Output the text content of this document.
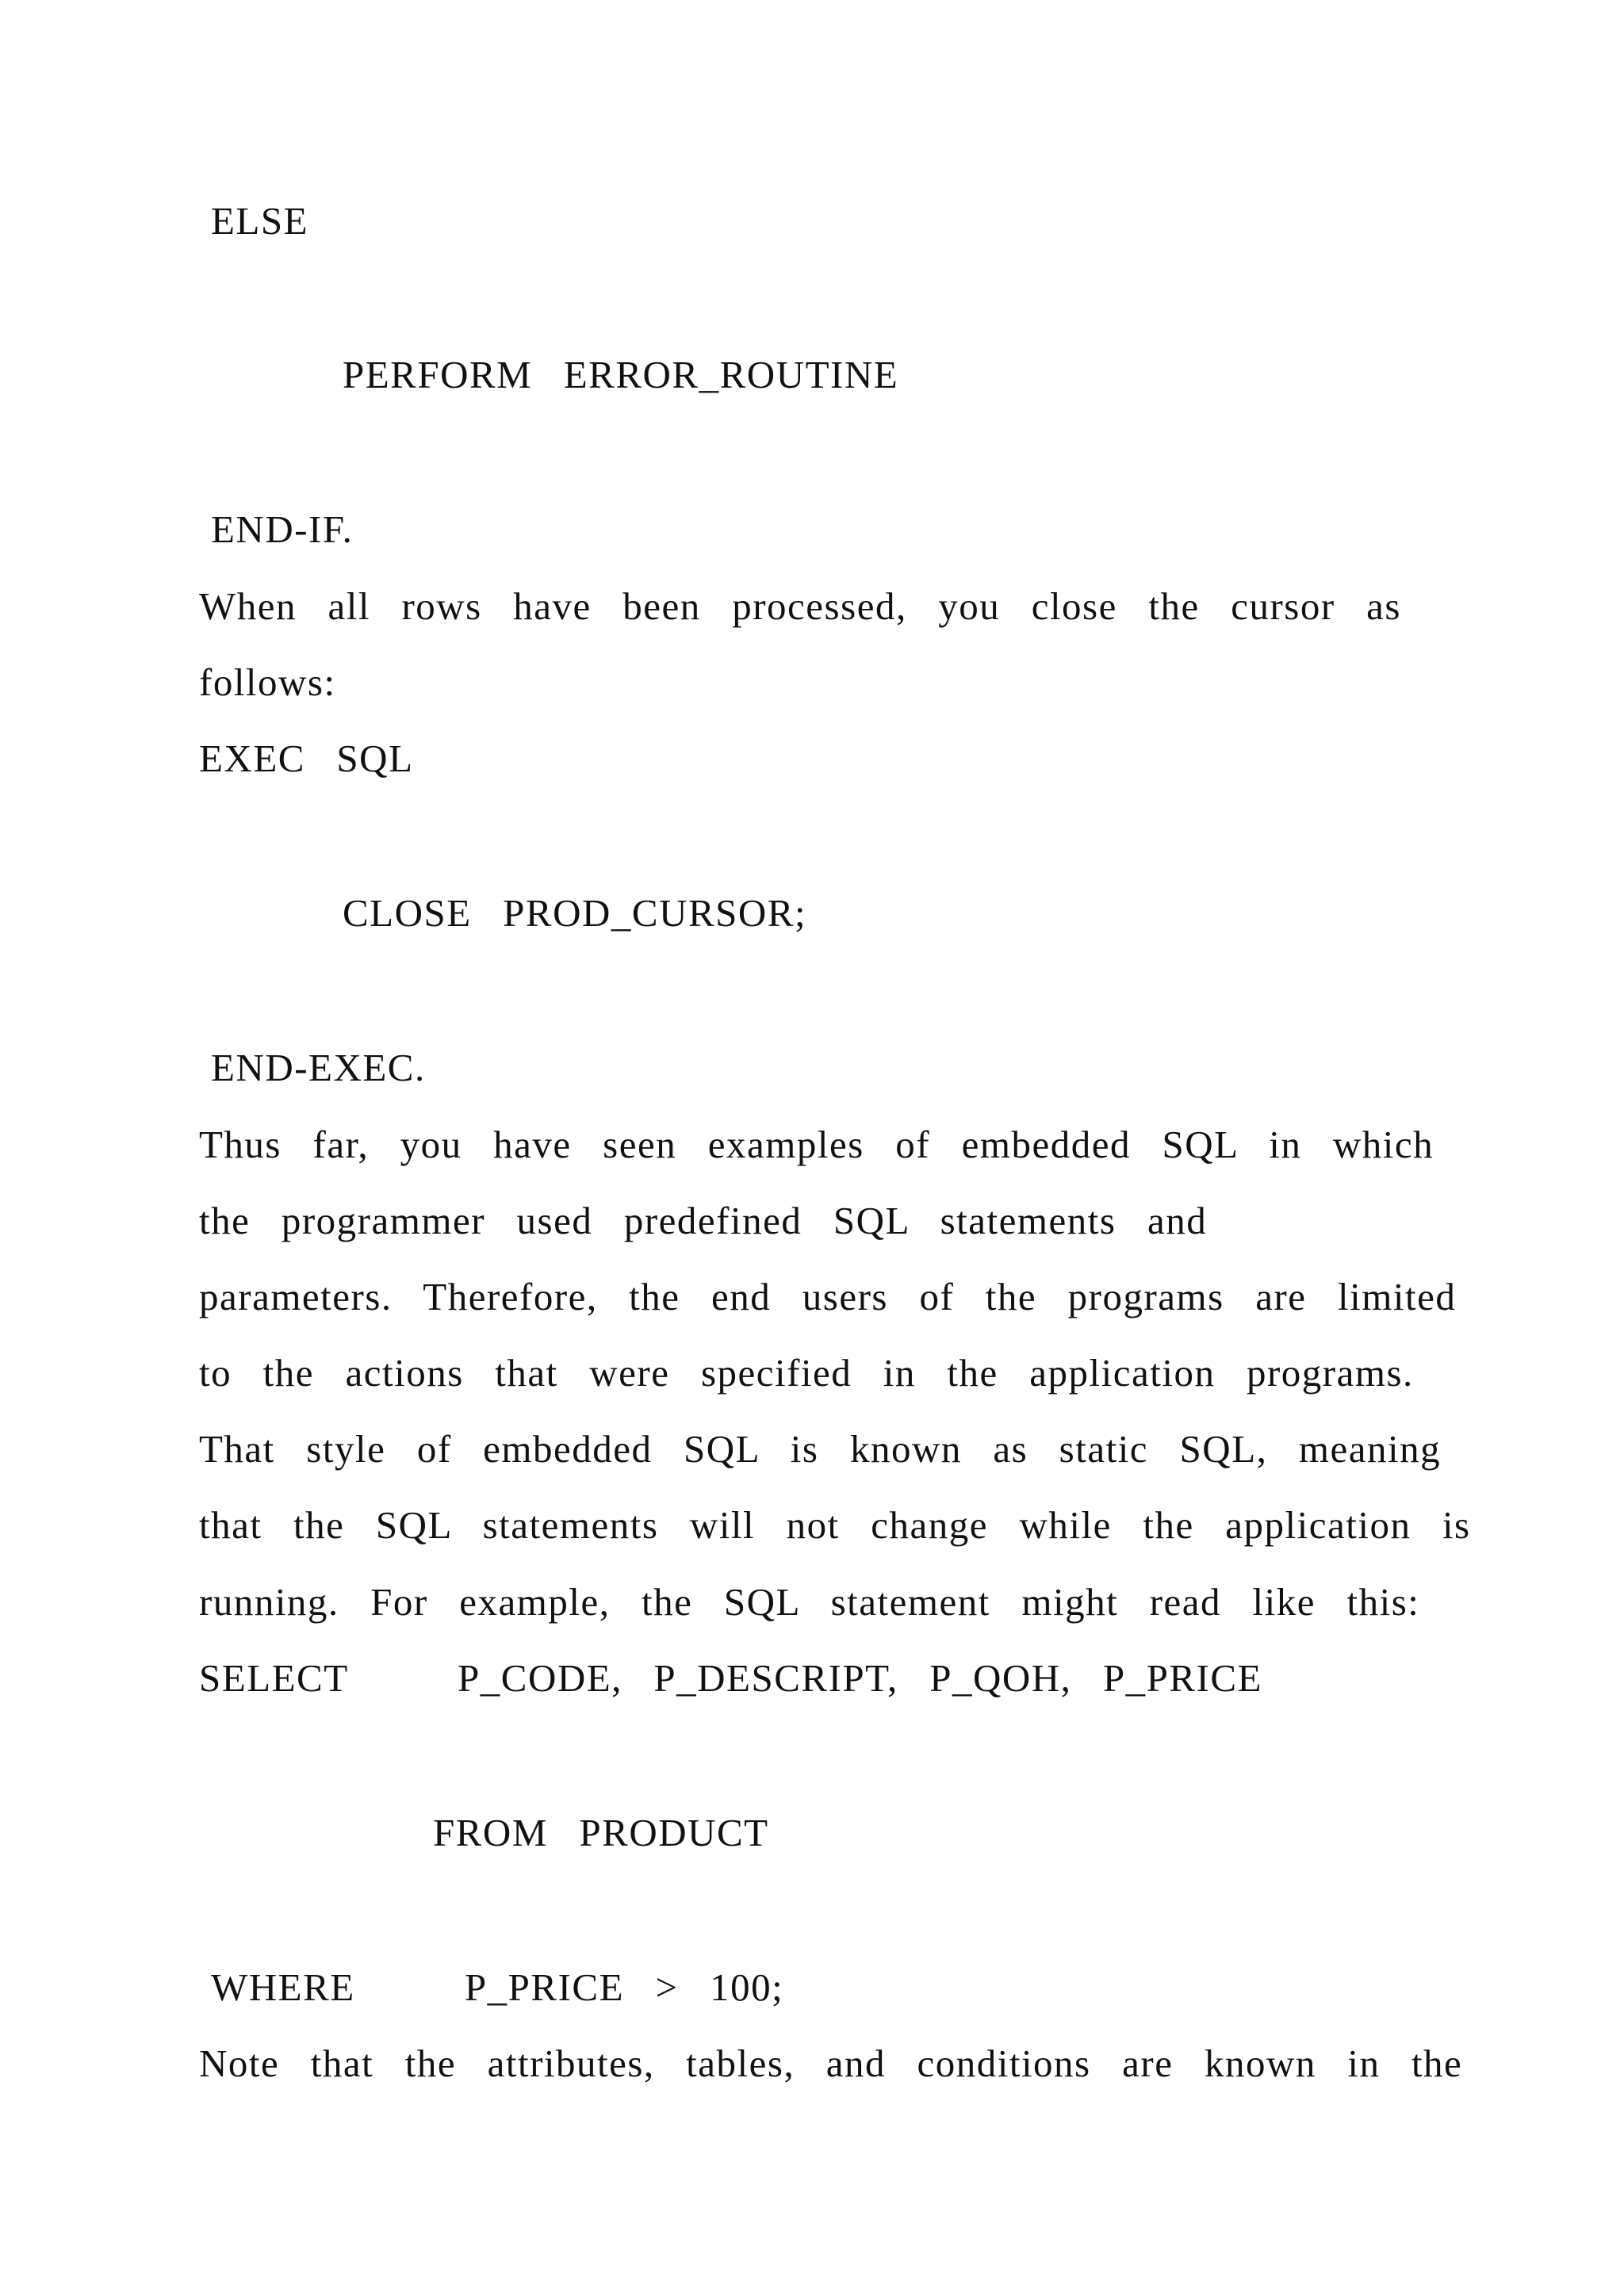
ELSE
PERFORM  ERROR_ROUTINE
END-IF.
When  all  rows  have  been  processed,  you  close  the  cursor  as
follows:
EXEC  SQL
CLOSE  PROD_CURSOR;
END-EXEC.
Thus  far,  you  have  seen  examples  of  embedded  SQL  in  which
the  programmer  used  predefined  SQL  statements  and
parameters.  Therefore,  the  end  users  of  the  programs  are  limited
to  the  actions  that  were  specified  in  the  application  programs.
That  style  of  embedded  SQL  is  known  as  static  SQL,  meaning
that  the  SQL  statements  will  not  change  while  the  application  is
running.  For  example,  the  SQL  statement  might  read  like  this:
SELECT       P_CODE,  P_DESCRIPT,  P_QOH,  P_PRICE
FROM  PRODUCT
WHERE       P_PRICE  >  100;
Note  that  the  attributes,  tables,  and  conditions  are  known  in  the
